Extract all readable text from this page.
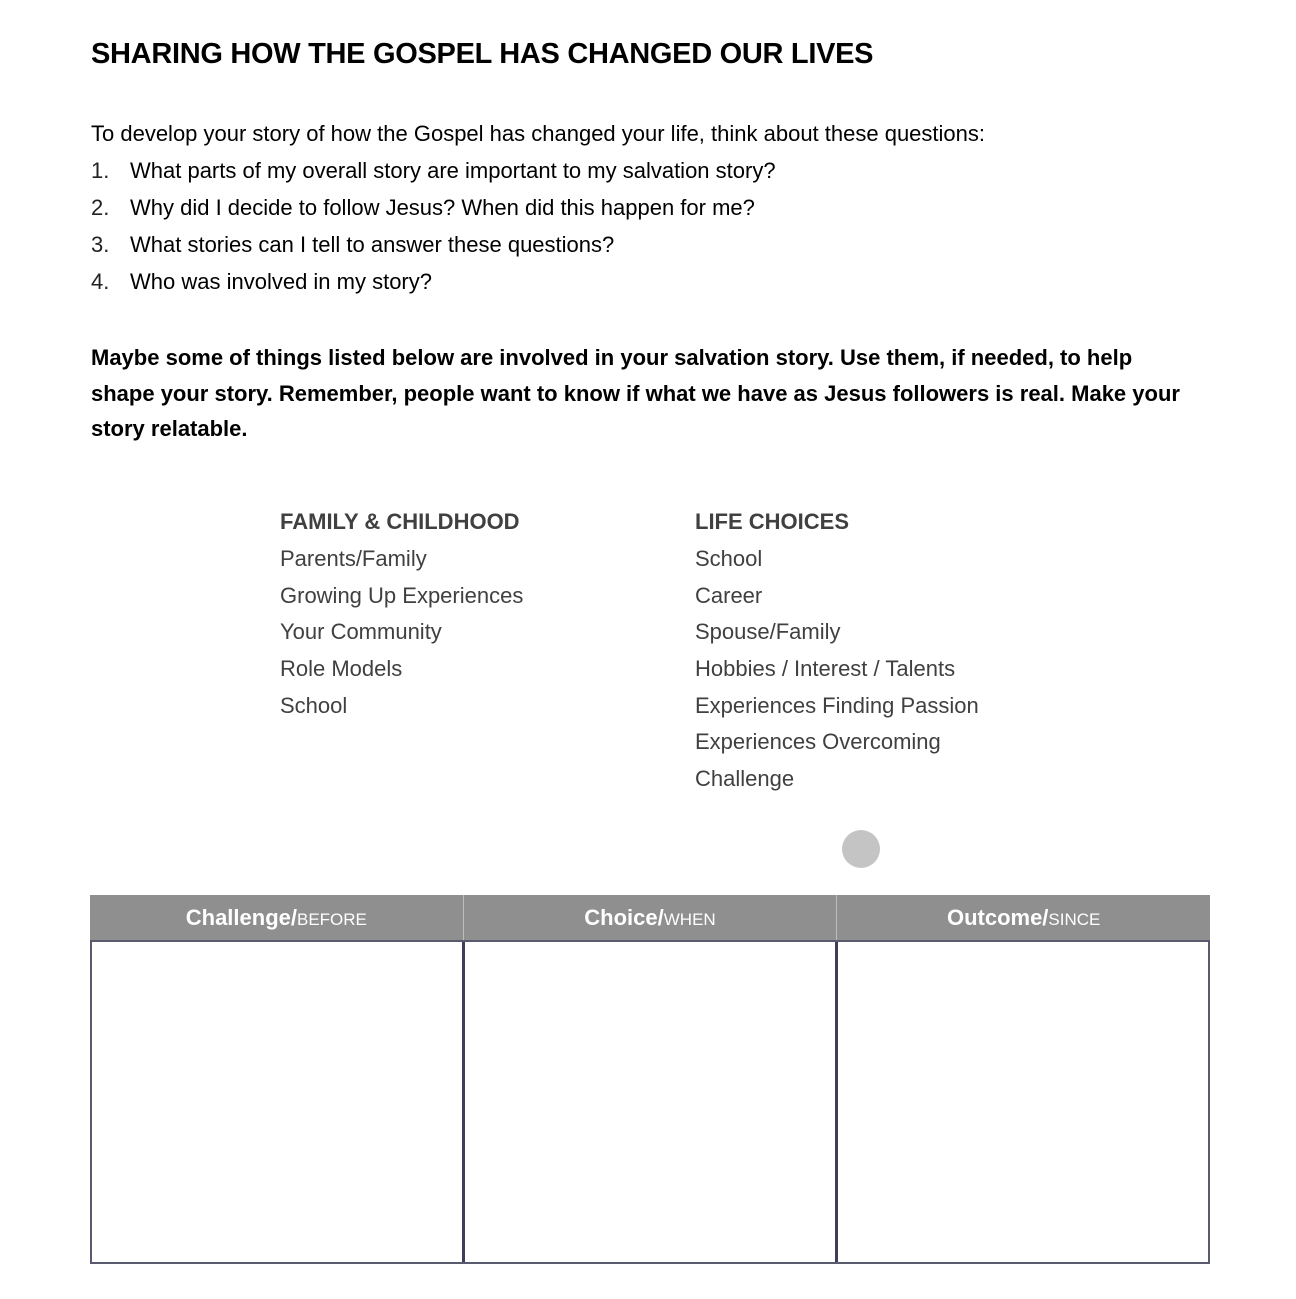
SHARING HOW THE GOSPEL HAS CHANGED OUR LIVES

To develop your story of how the Gospel has changed your life, think about these questions:

1. What parts of my overall story are important to my salvation story?
2. Why did I decide to follow Jesus? When did this happen for me?
3. What stories can I tell to answer these questions?
4. Who was involved in my story?

Maybe some of things listed below are involved in your salvation story. Use them, if needed, to help shape your story. Remember, people want to know if what we have as Jesus followers is real. Make your story relatable.

FAMILY & CHILDHOOD
Parents/Family
Growing Up Experiences
Your Community
Role Models
School
LIFE CHOICES
School
Career
Spouse/Family
Hobbies / Interest / Talents
Experiences Finding Passion
Experiences Overcoming
Challenge
Challenge/BEFORE	Choice/WHEN	Outcome/SINCE
